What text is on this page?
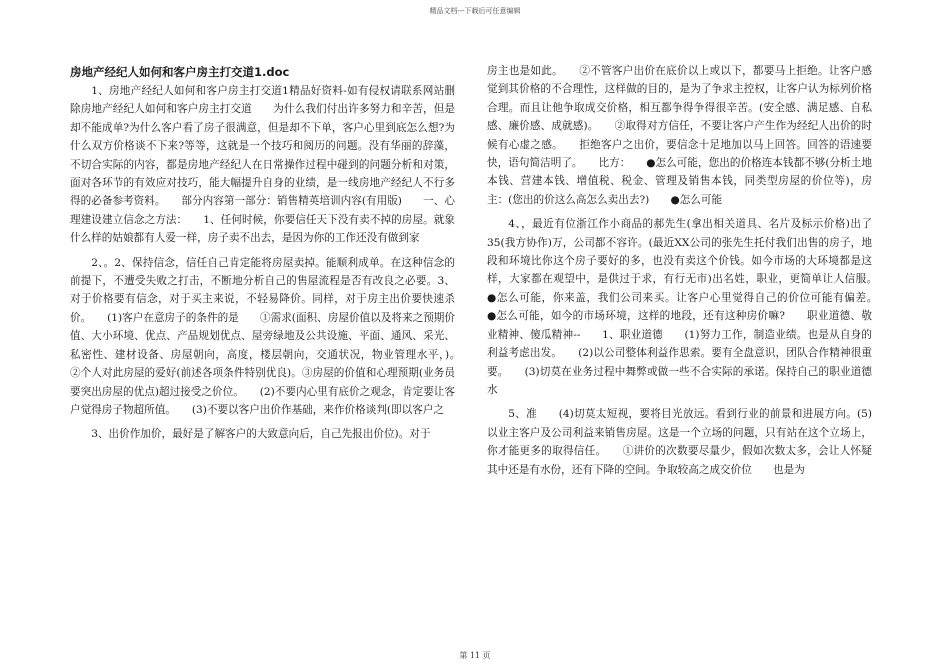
精品文档---下载后可任意编辑
房地产经纪人如何和客户房主打交道1.doc

1、房地产经纪人如何和客户房主打交道1精品好资料-如有侵权请联系网站删除房地产经纪人如何和客户房主打交道　　为什么我们付出许多努力和辛苦，但是却不能成单?为什么客户看了房子很满意，但是却不下单，客户心里到底怎么想?为什么双方价格谈不下来?等等，这就是一个技巧和阅历的问题。没有华丽的辞藻，不切合实际的内容，都是房地产经纪人在日常操作过程中碰到的问题分析和对策，面对各环节的有效应对技巧，能大幅提升自身的业绩，是一线房地产经纪人不行多得的必备参考资料。　　部分内容第一部分：销售精英培训内容(有用版)　　一、心理建设建立信念之方法：　　1、任何时候，你要信任天下没有卖不掉的房屋。就象什么样的姑娘都有人爱一样，房子卖不出去，是因为你的工作还没有做到家

2、。2、保持信念，信任自己肯定能将房屋卖掉。能顺利成单。在这种信念的前提下，不遭受失败之打击，不断地分析自己的售屋流程是否有改良之必要。3、对于价格要有信念，对于买主来说，不轻易降价。同样，对于房主出价要快速杀价。　　(1)客户在意房子的条件的是　　①需求(面积、房屋价值以及将来之预期价值、大小环境、优点、产品规划优点、屋旁绿地及公共设施、平面、通风、采光、私密性、建材设备、房屋朝向，高度，楼层朝向，交通状况，物业管理水平，)。　　②个人对此房屋的爱好(前述各项条件特别优良)。③房屋的价值和心理预期(业务员要突出房屋的优点)超过接受之价位。　　(2)不要内心里有底价之观念，肯定要让客户觉得房子物超所值。　　(3)不要以客户出价作基础，来作价格谈判(即以客户之

3、出价作加价，最好是了解客户的大致意向后，自己先报出价位)。对于

房主也是如此。　　②不管客户出价在底价以上或以下，都要马上拒绝。让客户感觉到其价格的不合理性，这样做的目的，是为了争求主控权，让客户认为标列价格合理。而且让他争取成交价格，相互都争得争得很辛苦。(安全感、满足感、自私感、廉价感、成就感)。　　②取得对方信任，不要让客户产生作为经纪人出价的时候有心虚之感。　　拒绝客户之出价，要信念十足地加以马上回答。回答的语速要快，语句简洁明了。　　比方：　　●怎么可能，您出的价格连本钱都不够(分析土地本钱、营建本钱、增值税、税金、管理及销售本钱，同类型房屋的价位等)，房主：(您出的价这么高怎么卖出去?)　　●怎么可能

4、，最近有位浙江作小商品的郝先生(拿出相关道具、名片及标示价格)出了35(我方协作)万，公司都不容许。(最近XX公司的张先生托付我们出售的房子，地段和环境比你这个房子要好的多，也没有卖这个价钱。如今市场的大环境都是这样，大家都在观望中，是供过于求，有行无市)出名姓，职业，更简单让人信服。　　●怎么可能，你来盖，我们公司来买。让客户心里觉得自己的价位可能有偏差。　　●怎么可能，如今的市场环境，这样的地段，还有这种房价嘛?　　职业道德、敬业精神、傻瓜精神--　　1、职业道德　　(1)努力工作，制造业绩。也是从自身的利益考虑出发。　　(2)以公司整体利益作思索。要有全盘意识，团队合作精神很重要。　　(3)切莫在业务过程中舞弊或做一些不合实际的承诺。保持自己的职业道德水

5、准　　(4)切莫太短视，要将目光放远。看到行业的前景和进展方向。(5)以业主客户及公司利益来销售房屋。这是一个立场的问题，只有站在这个立场上，你才能更多的取得信任。　　①讲价的次数要尽量少，假如次数太多，会让人怀疑其中还是有水份，还有下降的空间。争取较高之成交价位　　也是为

第 11 页
